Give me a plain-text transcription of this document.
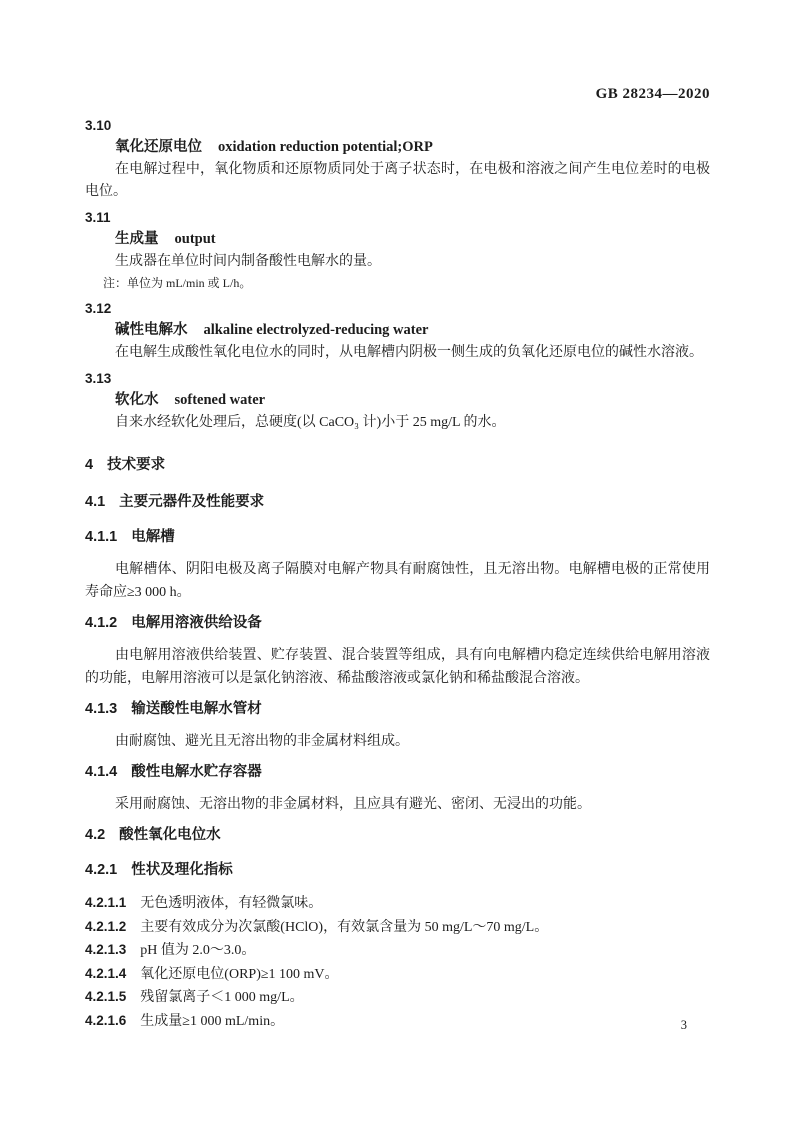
GB 28234—2020
3.10
氧化还原电位 oxidation reduction potential;ORP

在电解过程中，氧化物质和还原物质同处于离子状态时，在电极和溶液之间产生电位差时的电极电位。

3.11
生成量 output

生成器在单位时间内制备酸性电解水的量。

注：单位为 mL/min 或 L/h。

3.12
碱性电解水 alkaline electrolyzed-reducing water

在电解生成酸性氧化电位水的同时，从电解槽内阴极一侧生成的负氧化还原电位的碱性水溶液。

3.13
软化水 softened water

自来水经软化处理后，总硬度(以 CaCO₃ 计)小于 25 mg/L 的水。

4 技术要求
4.1 主要元器件及性能要求
4.1.1 电解槽

电解槽体、阴阳电极及离子隔膜对电解产物具有耐腐蚀性，且无溶出物。电解槽电极的正常使用寿命应≥3 000 h。

4.1.2 电解用溶液供给设备

由电解用溶液供给装置、贮存装置、混合装置等组成，具有向电解槽内稳定连续供给电解用溶液的功能，电解用溶液可以是氯化钠溶液、稀盐酸溶液或氯化钠和稀盐酸混合溶液。

4.1.3 输送酸性电解水管材

由耐腐蚀、避光且无溶出物的非金属材料组成。

4.1.4 酸性电解水贮存容器

采用耐腐蚀、无溶出物的非金属材料，且应具有避光、密闭、无浸出的功能。

4.2 酸性氧化电位水
4.2.1 性状及理化指标
4.2.1.1 无色透明液体，有轻微氯味。
4.2.1.2 主要有效成分为次氯酸(HClO)，有效氯含量为 50 mg/L～70 mg/L。
4.2.1.3 pH 值为 2.0～3.0。
4.2.1.4 氧化还原电位(ORP)≥1 100 mV。
4.2.1.5 残留氯离子＜1 000 mg/L。
4.2.1.6 生成量≥1 000 mL/min。	3
